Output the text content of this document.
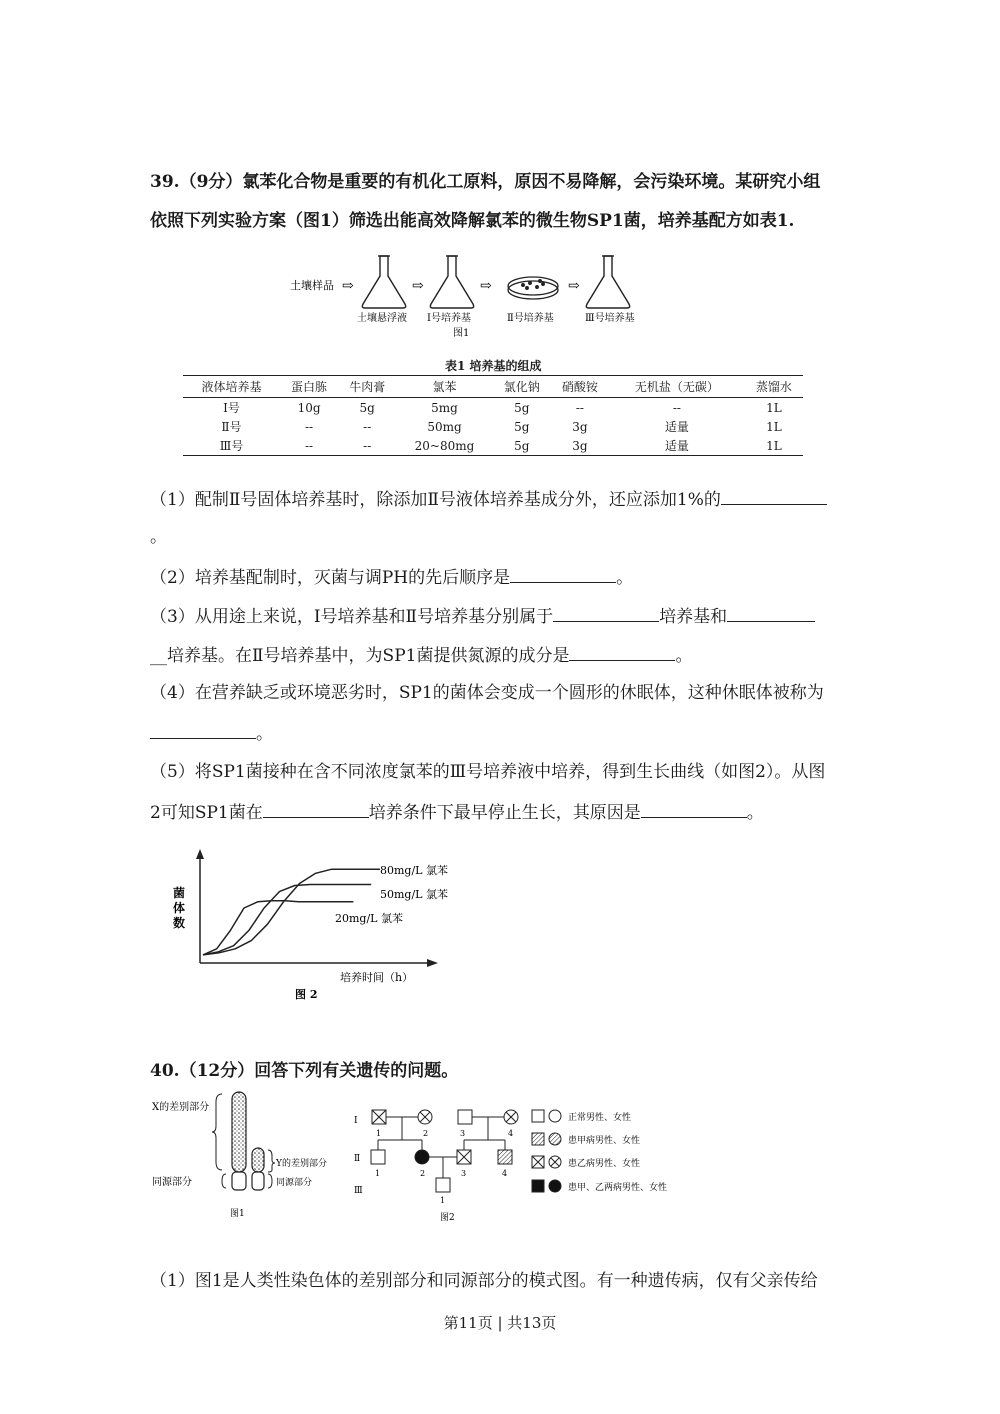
39.（9分）氯苯化合物是重要的有机化工原料，原因不易降解，会污染环境。某研究小组
依照下列实验方案（图1）筛选出能高效降解氯苯的微生物SP1菌，培养基配方如表1.
土壤样品 ⇨	⇨	⇨	⇨
土壤悬浮液 Ⅰ号培养基	Ⅱ号培养基	Ⅲ号培养基
图1
表1 培养基的组成
液体培养基	蛋白胨	牛肉膏	氯苯	氯化钠	硝酸铵	无机盐（无碳）	蒸馏水
Ⅰ号	10g	5g	5mg	5g	--	--	1L
Ⅱ号	--	--	50mg	5g	3g	适量	1L
Ⅲ号	--	--	20~80mg	5g	3g	适量	1L
（1）配制Ⅱ号固体培养基时，除添加Ⅱ号液体培养基成分外，还应添加1%的
。
（2）培养基配制时，灭菌与调PH的先后顺序是	。
（3）从用途上来说，Ⅰ号培养基和Ⅱ号培养基分别属于	培养基和
__培养基。在Ⅱ号培养基中，为SP1菌提供氮源的成分是	。
（4）在营养缺乏或环境恶劣时，SP1的菌体会变成一个圆形的休眠体，这种休眠体被称为
。
（5）将SP1菌接种在含不同浓度氯苯的Ⅲ号培养液中培养，得到生长曲线（如图2）。从图
2可知SP1菌在	培养条件下最早停止生长，其原因是	。
菌
体
数
培养时间（h）
图 2
80mg/L 氯苯
50mg/L 氯苯
20mg/L 氯苯
40.（12分）回答下列有关遗传的问题。
X的差别部分
Y的差别部分
同源部分	同源部分
图1
Ⅰ
Ⅱ
Ⅲ
1	2	3	4
1	2	3	4
1
图2
正常男性、女性
患甲病男性、女性
患乙病男性、女性
患甲、乙两病男性、女性
（1）图1是人类性染色体的差别部分和同源部分的模式图。有一种遗传病，仅有父亲传给
第11页 | 共13页
